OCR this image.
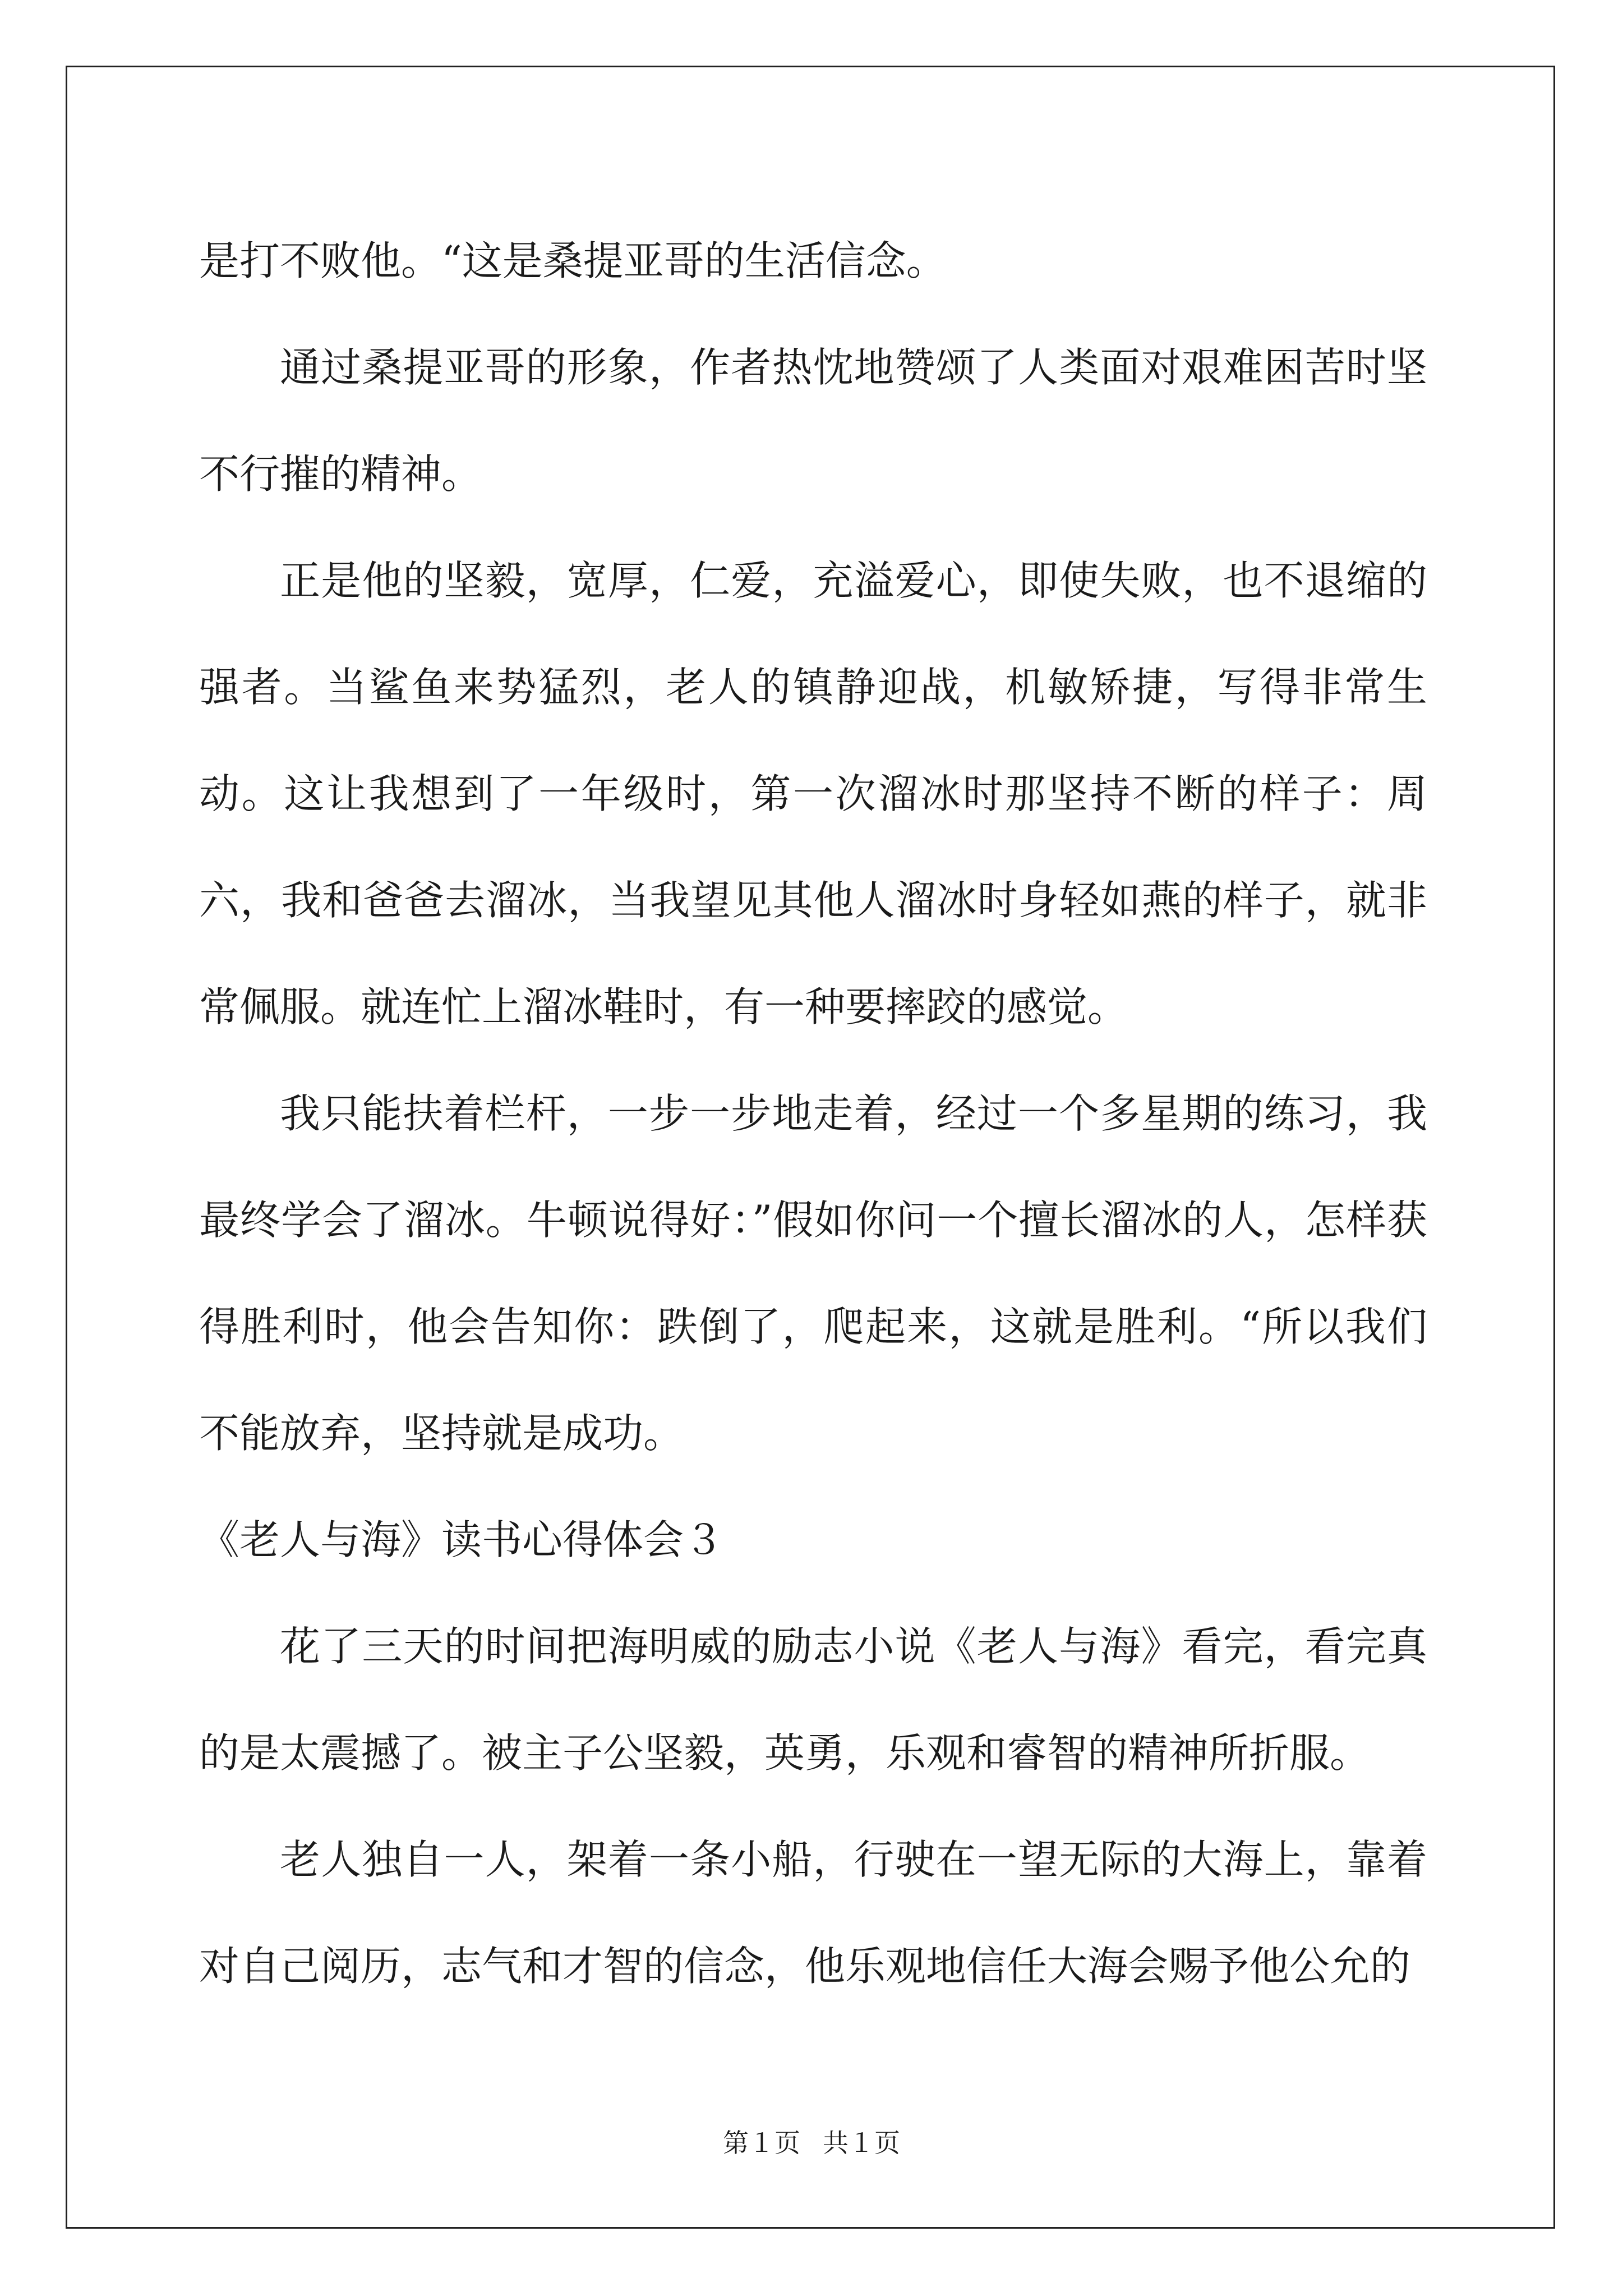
是打不败他。“这是桑提亚哥的生活信念。

通过桑提亚哥的形象，作者热忱地赞颂了人类面对艰难困苦时坚不行摧的精神。

正是他的坚毅，宽厚，仁爱，充溢爱心，即使失败，也不退缩的强者。当鲨鱼来势猛烈，老人的镇静迎战，机敏矫捷，写得非常生动。这让我想到了一年级时，第一次溜冰时那坚持不断的样子：周六，我和爸爸去溜冰，当我望见其他人溜冰时身轻如燕的样子，就非常佩服。就连忙上溜冰鞋时，有一种要摔跤的感觉。

我只能扶着栏杆，一步一步地走着，经过一个多星期的练习，我最终学会了溜冰。牛顿说得好：”假如你问一个擅长溜冰的人，怎样获得胜利时，他会告知你：跌倒了，爬起来，这就是胜利。“所以我们不能放弃，坚持就是成功。

《老人与海》读书心得体会３

花了三天的时间把海明威的励志小说《老人与海》看完，看完真的是太震撼了。被主子公坚毅，英勇，乐观和睿智的精神所折服。

老人独自一人，架着一条小船，行驶在一望无际的大海上，靠着对自己阅历，志气和才智的信念，他乐观地信任大海会赐予他公允的

第１页 共１页
